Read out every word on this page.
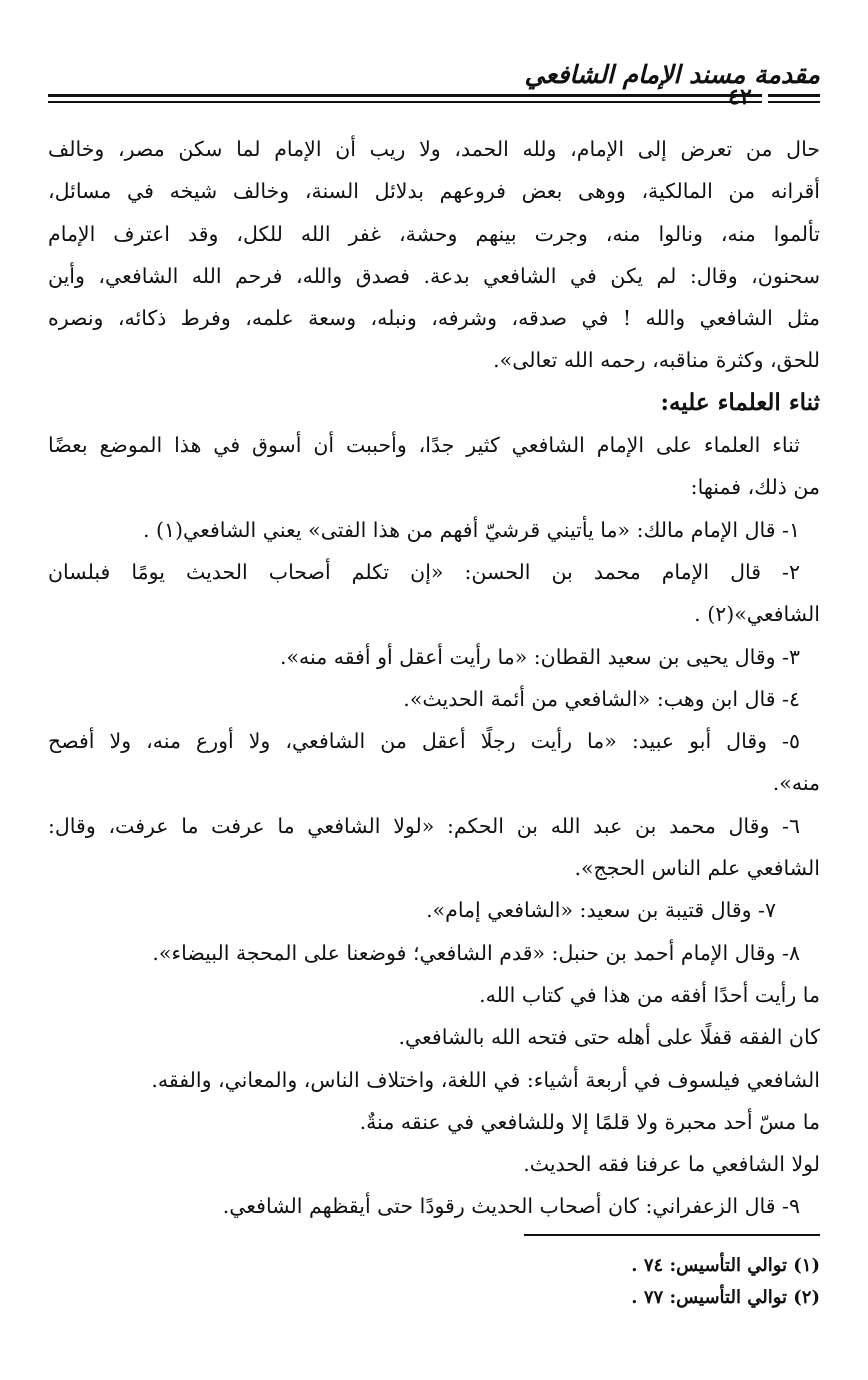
مقدمة مسند الإمام الشافعي
٤٢
حال من تعرض إلى الإمام، ولله الحمد، ولا ريب أن الإمام لما سكن مصر، وخالف
أقرانه من المالكية، ووهى بعض فروعهم بدلائل السنة، وخالف شيخه في مسائل،
تألموا منه، ونالوا منه، وجرت بينهم وحشة، غفر الله للكل، وقد اعترف الإمام
سحنون، وقال: لم يكن في الشافعي بدعة. فصدق والله، فرحم الله الشافعي، وأين
مثل الشافعي والله ! في صدقه، وشرفه، ونبله، وسعة علمه، وفرط ذكائه، ونصره
للحق، وكثرة مناقبه، رحمه الله تعالى».
ثناء العلماء عليه:
ثناء العلماء على الإمام الشافعي كثير جدًا، وأحببت أن أسوق في هذا الموضع بعضًا
من ذلك، فمنها:
١- قال الإمام مالك: «ما يأتيني قرشيّ أفهم من هذا الفتى» يعني الشافعي(١) .
٢- قال الإمام محمد بن الحسن: «إن تكلم أصحاب الحديث يومًا فبلسان
الشافعي»(٢) .
٣- وقال يحيى بن سعيد القطان: «ما رأيت أعقل أو أفقه منه».
٤- قال ابن وهب: «الشافعي من أئمة الحديث».
٥- وقال أبو عبيد: «ما رأيت رجلًا أعقل من الشافعي، ولا أورع منه، ولا أفصح
منه».
٦- وقال محمد بن عبد الله بن الحكم: «لولا الشافعي ما عرفت ما عرفت، وقال:
الشافعي علم الناس الحجج».
٧- وقال قتيبة بن سعيد: «الشافعي إمام».
٨- وقال الإمام أحمد بن حنبل: «قدم الشافعي؛ فوضعنا على المحجة البيضاء».
ما رأيت أحدًا أفقه من هذا في كتاب الله.
كان الفقه قفلًا على أهله حتى فتحه الله بالشافعي.
الشافعي فيلسوف في أربعة أشياء: في اللغة، واختلاف الناس، والمعاني، والفقه.
ما مسّ أحد محبرة ولا قلمًا إلا وللشافعي في عنقه منةٌ.
لولا الشافعي ما عرفنا فقه الحديث.
٩- قال الزعفراني: كان أصحاب الحديث رقودًا حتى أيقظهم الشافعي.
(١) توالي التأسيس: ٧٤ .
(٢) توالي التأسيس: ٧٧ .
